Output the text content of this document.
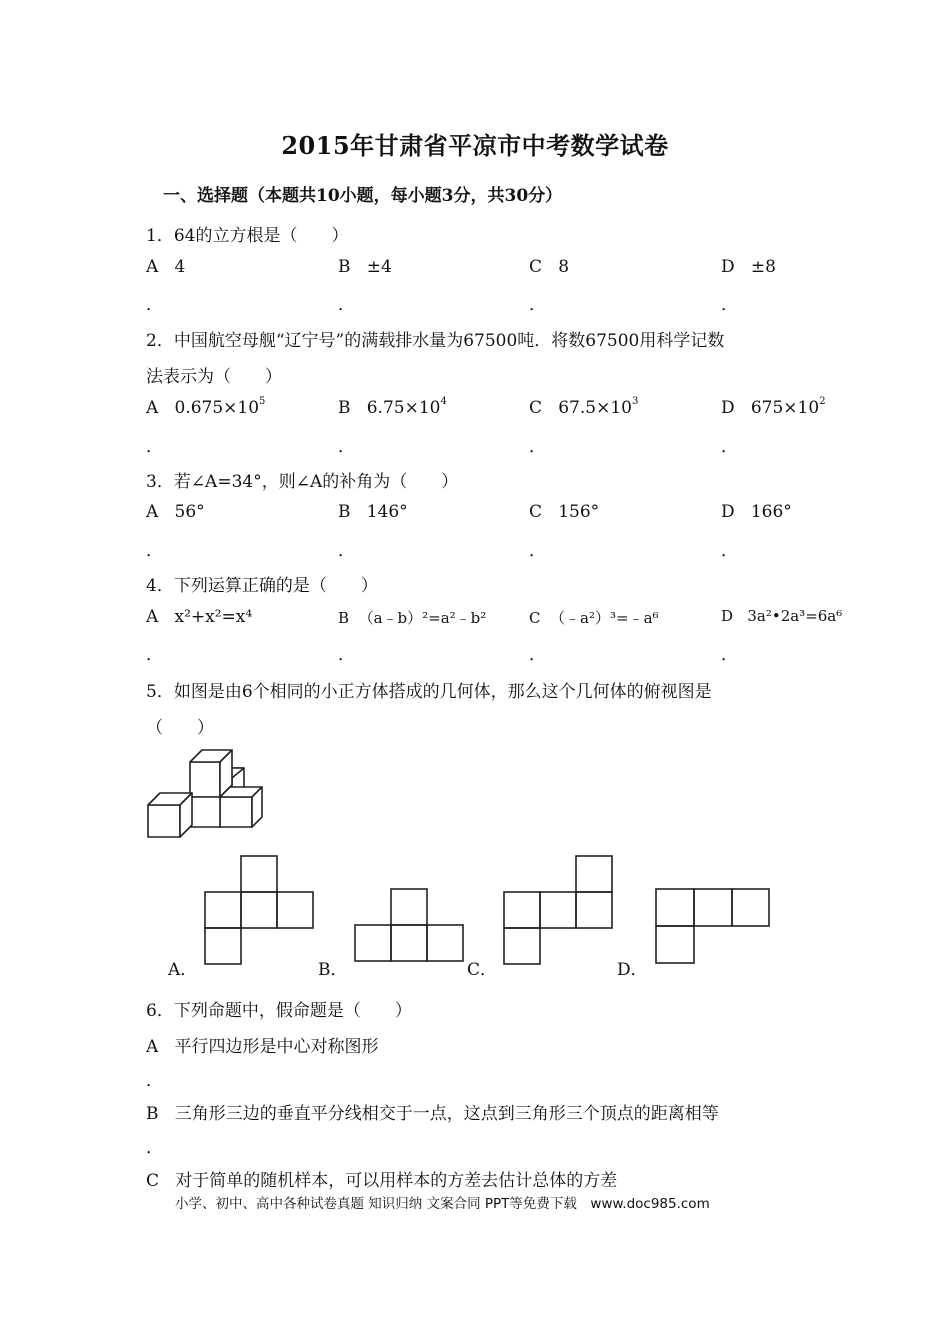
2015年甘肃省平凉市中考数学试卷
一、选择题（本题共10小题，每小题3分，共30分）
1．64的立方根是（　　）
A 4	B ±4	C 8	D ±8
．	．	．	．
2．中国航空母舰“辽宁号”的满载排水量为67500吨．将数67500用科学记数
法表示为（　　）
A $0.675\times 10^5$	B $6.75\times 10^4$	C $67.5\times 10^3$	D $675\times 10^2$
．	．	．	．
3．若∠A=34°，则∠A的补角为（　　）
A 56°	B 146°	C 156°	D 166°
．	．	．	．
4．下列运算正确的是（　　）
A x²+x²=x⁴	B （a﹣b）²=a²﹣b²	C （﹣a²）³=﹣a⁶	D 3a²•2a³=6a⁶
．	．	．	．
5．如图是由6个相同的小正方体搭成的几何体，那么这个几何体的俯视图是
（　　）
A．	B．	C．	D．
6．下列命题中，假命题是（　　）
A 平行四边形是中心对称图形
．
B 三角形三边的垂直平分线相交于一点，这点到三角形三个顶点的距离相等
．
C 对于简单的随机样本，可以用样本的方差去估计总体的方差
小学、初中、高中各种试卷真题 知识归纳 文案合同 PPT等免费下载　www.doc985.com
